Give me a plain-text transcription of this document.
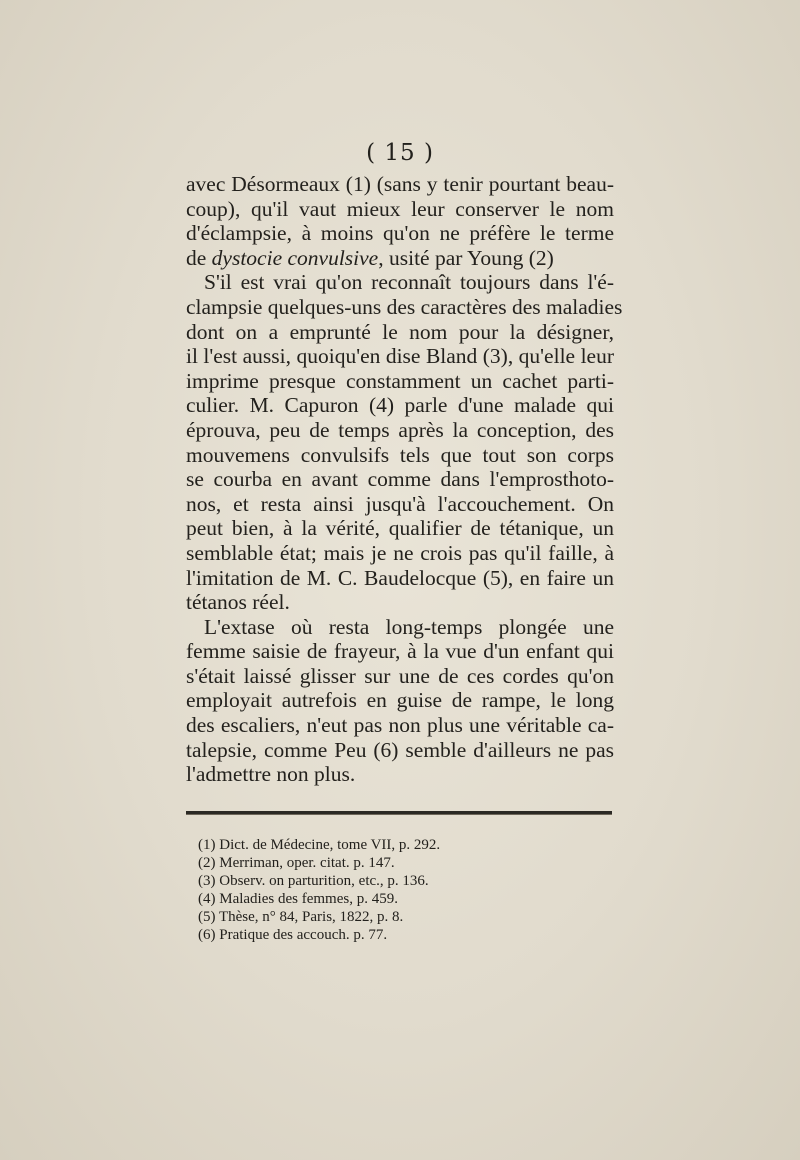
( 15 )
avec Désormeaux (1) (sans y tenir pourtant beau-
coup), qu'il vaut mieux leur conserver le nom
d'éclampsie, à moins qu'on ne préfère le terme
de dystocie convulsive, usité par Young (2)
S'il est vrai qu'on reconnaît toujours dans l'é-
clampsie quelques-uns des caractères des maladies
dont on a emprunté le nom pour la désigner,
il l'est aussi, quoiqu'en dise Bland (3), qu'elle leur
imprime presque constamment un cachet parti-
culier. M. Capuron (4) parle d'une malade qui
éprouva, peu de temps après la conception, des
mouvemens convulsifs tels que tout son corps
se courba en avant comme dans l'emprosthoto-
nos, et resta ainsi jusqu'à l'accouchement. On
peut bien, à la vérité, qualifier de tétanique, un
semblable état; mais je ne crois pas qu'il faille, à
l'imitation de M. C. Baudelocque (5), en faire un
tétanos réel.
L'extase où resta long-temps plongée une
femme saisie de frayeur, à la vue d'un enfant qui
s'était laissé glisser sur une de ces cordes qu'on
employait autrefois en guise de rampe, le long
des escaliers, n'eut pas non plus une véritable ca-
talepsie, comme Peu (6) semble d'ailleurs ne pas
l'admettre non plus.
(1) Dict. de Médecine, tome VII, p. 292.
(2) Merriman, oper. citat. p. 147.
(3) Observ. on parturition, etc., p. 136.
(4) Maladies des femmes, p. 459.
(5) Thèse, n° 84, Paris, 1822, p. 8.
(6) Pratique des accouch. p. 77.
